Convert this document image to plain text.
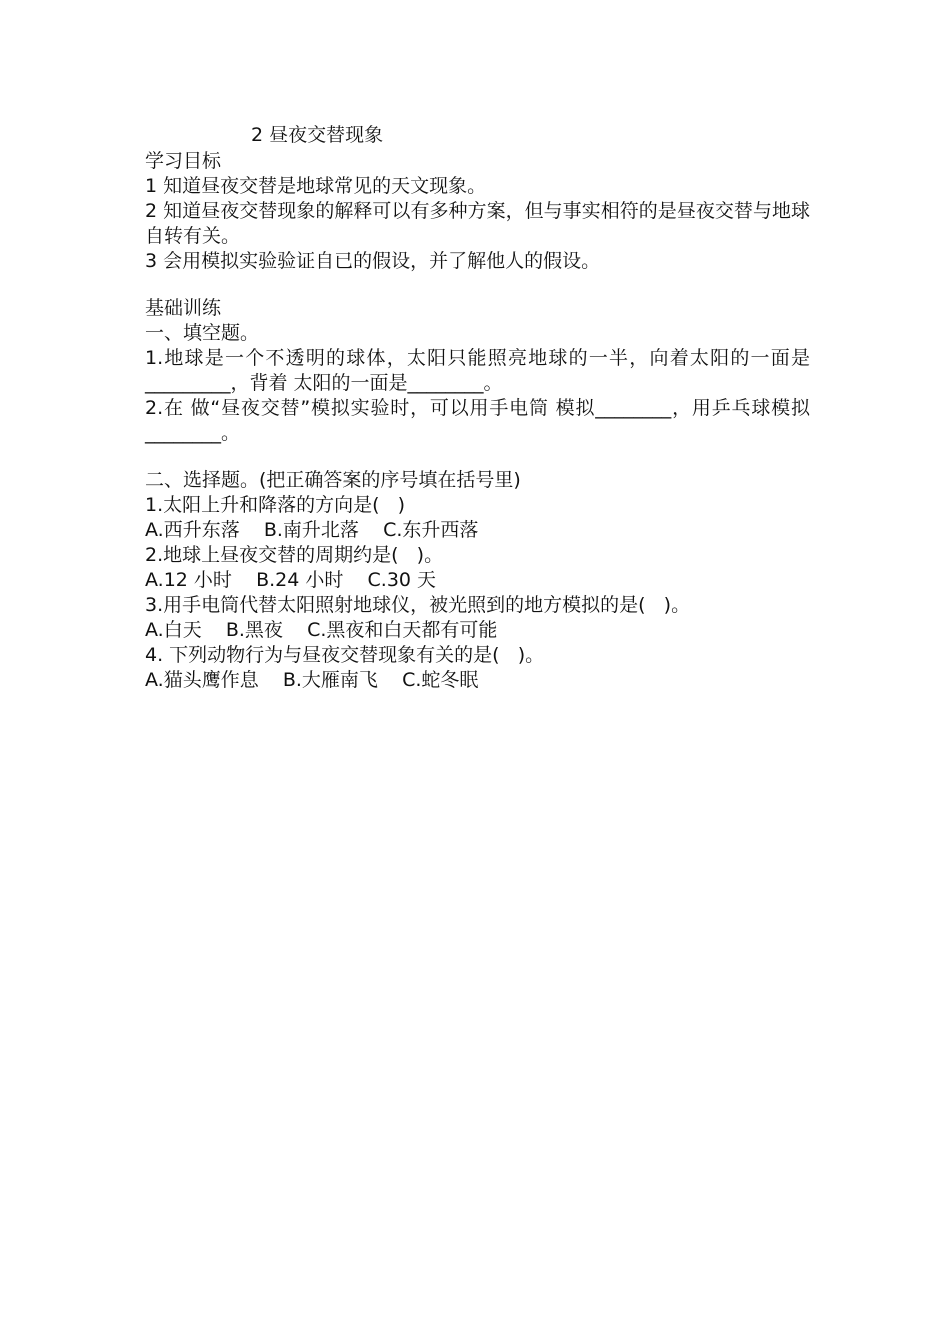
2 昼夜交替现象

学习目标

1 知道昼夜交替是地球常见的天文现象。

2 知道昼夜交替现象的解释可以有多种方案，但与事实相符的是昼夜交替与地球自转有关。

3 会用模拟实验验证自已的假设，并了解他人的假设。

基础训练

一、填空题。

1.地球是一个不透明的球体，太阳只能照亮地球的一半，向着太阳的一面是_________，背着 太阳的一面是________。

2.在 做“昼夜交替”模拟实验时，可以用手电筒 模拟________，用乒乓球模拟________。

二、选择题。(把正确答案的序号填在括号里)

1.太阳上升和降落的方向是(   )

A.西升东落    B.南升北落    C.东升西落

2.地球上昼夜交替的周期约是(   )。

A.12 小时    B.24 小时    C.30 天

3.用手电筒代替太阳照射地球仪，被光照到的地方模拟的是(   )。

A.白天    B.黑夜    C.黑夜和白天都有可能

4. 下列动物行为与昼夜交替现象有关的是(   )。

A.猫头鹰作息    B.大雁南飞    C.蛇冬眠
